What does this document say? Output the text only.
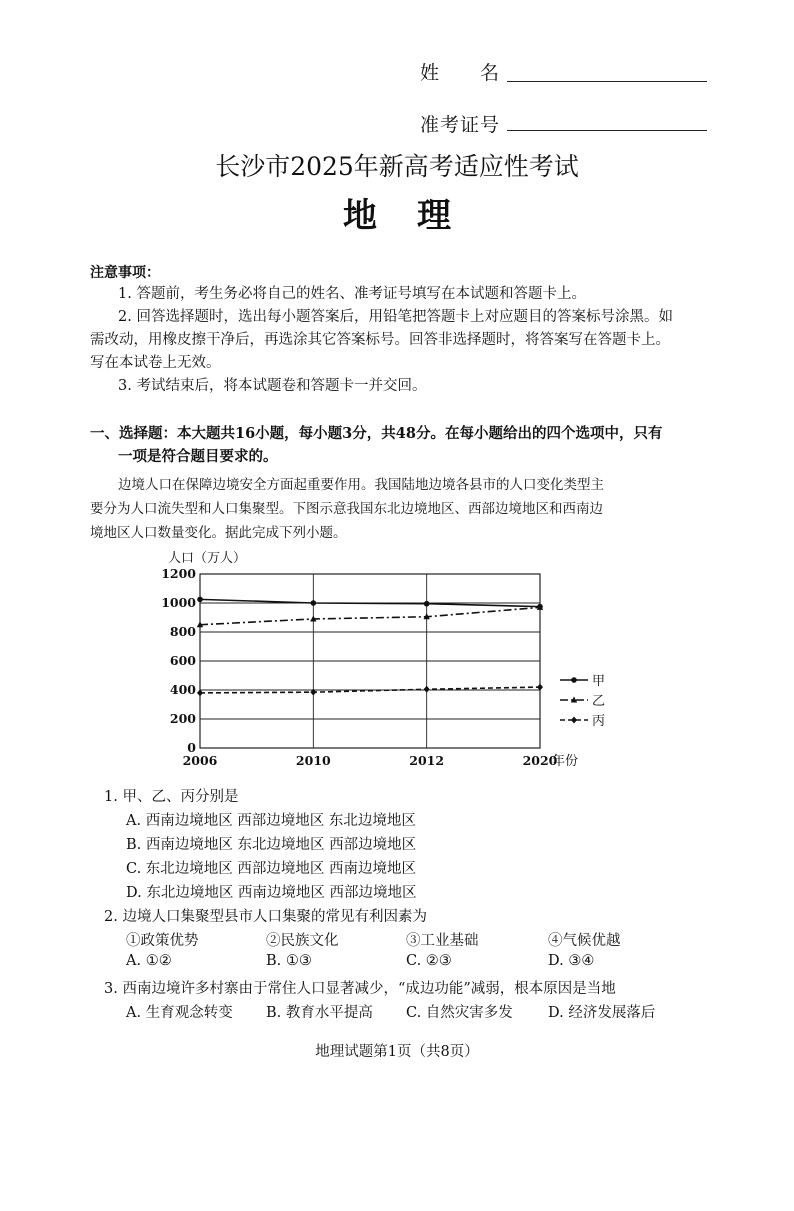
姓　　名
准考证号
长沙市2025年新高考适应性考试
地理
注意事项：
1. 答题前，考生务必将自己的姓名、准考证号填写在本试题和答题卡上。
2. 回答选择题时，选出每小题答案后，用铅笔把答题卡上对应题目的答案标号涂黑。如
需改动，用橡皮擦干净后，再选涂其它答案标号。回答非选择题时，将答案写在答题卡上。
写在本试卷上无效。
3. 考试结束后，将本试题卷和答题卡一并交回。
一、选择题：本大题共16小题，每小题3分，共48分。在每小题给出的四个选项中，只有
一项是符合题目要求的。
边境人口在保障边境安全方面起重要作用。我国陆地边境各县市的人口变化类型主
要分为人口流失型和人口集聚型。下图示意我国东北边境地区、西部边境地区和西南边
境地区人口数量变化。据此完成下列小题。
0
200
400
600
800
1000
1200
2006	2010	2012	2020
人口（万人）
年份
甲
乙
丙
1. 甲、乙、丙分别是
A. 西南边境地区 西部边境地区 东北边境地区
B. 西南边境地区 东北边境地区 西部边境地区
C. 东北边境地区 西部边境地区 西南边境地区
D. 东北边境地区 西南边境地区 西部边境地区
2. 边境人口集聚型县市人口集聚的常见有利因素为
①政策优势	②民族文化	③工业基础	④气候优越
A. ①②	B. ①③	C. ②③	D. ③④
3. 西南边境许多村寨由于常住人口显著减少，“成边功能”减弱，根本原因是当地
A. 生育观念转变 B. 教育水平提高 C. 自然灾害多发 D. 经济发展落后
地理试题第1页（共8页）
